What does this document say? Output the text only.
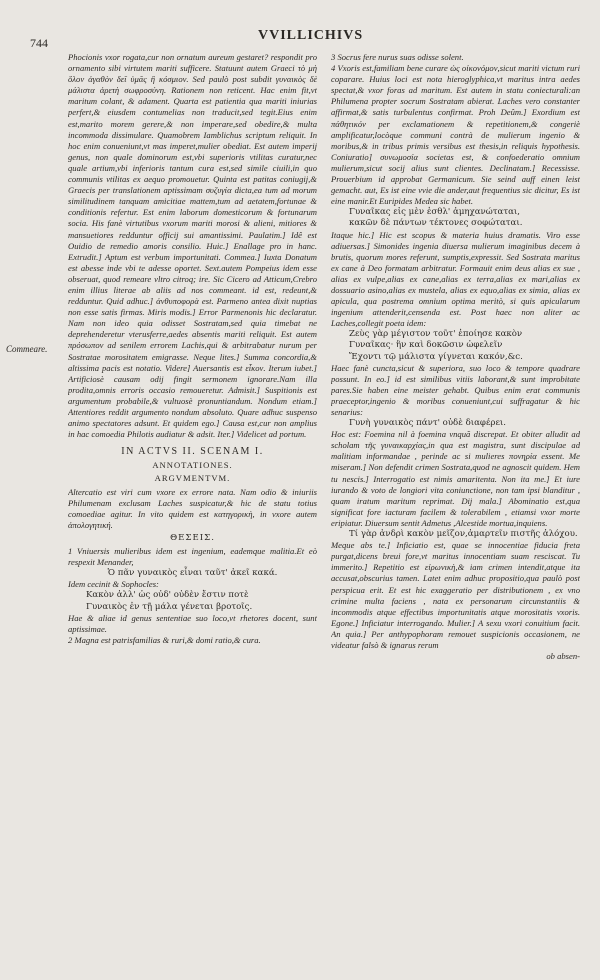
744	VVILLICHIVS
Commeare.

Phocionis vxor rogata,cur non ornatum aureum gestaret? respondit pro ornamento sibi virtutem mariti sufficere. Statuunt autem Graeci τὸ μὴ ὅλον ἀγαθὸν δεῖ ὑμᾶς ἢ κόσμιον. Sed paulò post subdit γυναικὸς δὲ μάλιστα ἀρετὴ σωφροσύνη. Rationem non reticent. Hac enim fit,vt maritum colant, & adament. Quarta est patientia qua mariti iniurias perfert,& eiusdem contumelias non traducit,sed tegit.Eius enim est,marito morem gerere,& non imperare,sed obedire,& multa incommoda dissimulare. Quamobrem Iamblichus scriptum reliquit. In hoc enim conueniunt,vt mas imperet,mulier obediat. Est autem imperij genus, non quale dominorum est,vbi superioris vtilitas curatur,nec quale artium,vbi inferioris tantum cura est,sed simile ciuili,in quo communis vtilitas ex aequo promouetur. Quinta est patitas coniugij,& Graecis per translationem aptissimam συζυγία dicta,ea tum ad morum similitudinem tanquam amicitiae mattem,tum ad aetatem,fortunae & conditionis refertur. Est enim laborum domesticorum & fortunarum socia. His fanè virtutibus vxorum mariti morosi & alieni, mitiores & mansuetiores redduntur officij sui amantissimi. Paulatim.] Idê est Ouidio de remedio amoris consilio. Huic.] Enallage pro in hanc. Extrudit.] Aptum est verbum importunitati. Commea.] Iuxta Donatum est abesse inde vbi te adesse oportet. Sext.autem Pompeius idem esse obseruat, quod remeare vltro citroq; ire. Sic Cicero ad Atticum,Crebro enim illius literae ab aliis ad nos commeant. id est, redeunt,& redduntur. Quid adhuc.] ἀνθυποφορὰ est. Parmeno antea dixit nuptias non esse satis firmas. Miris modis.] Error Parmenonis hic declaratur. Nam non ideo quia odisset Sostratam,sed quia timebat ne deprehenderetur vterusferre,aedes absentis mariti reliquit. Est autem πρόσωπον ad senilem errorem Lachis,qui & arbitrabatur nurum per Sostratae morositatem emigrasse. Neque lites.] Summa concordia,& altissima pacis est notatio. Videre] Auersantis est εἶκον. Iterum iubet.] Artificiosè causam odij fingit sermonem ignorare.Nam illa prodita,omnis erroris occasio remoueretur. Admisit.] Suspitionis est argumentum probabile,& vultuosè pronuntiandum. Nondum etiam.] Attentiores reddit argumento nondum absoluto. Quare adhuc suspenso animo spectatores adsunt. Et quidem ego.] Causa est,cur non amplius in hac comoedia Philotis audiatur & adsit. Iter.] Videlicet ad portum.

IN ACTVS II. SCENAM I.
ANNOTATIONES.
ARGVMENTVM.

Altercatio est viri cum vxore ex errore nata. Nam odio & iniuriis Philumenam exclusam Laches suspicatur,& hic de statu totius comoediae agitur. In vito quidem est κατηγορικὴ, in vxore autem ἀπολογητική.

ΘΕΣΕΙΣ.

1 Vniuersis mulieribus idem est ingenium, eademque malitia.Et eò respexit Menander,

Ὁ πᾶν γυναικὸς εἶναι ταῦτ' ἀκεῖ κακά.

Idem cecinit & Sophocles:

Κακὸν ἀλλ' ὡς οὐδ' οὐδὲν ἔστιν ποτὲ

Γυναικὸς ἐν τῇ μάλα γένεται βροτοῖς.

Hae & aliae id genus sententiae suo loco,vt rhetores docent, sunt aptissimae.

2 Magna est patrisfamilias & ruri,& domi ratio,& cura.

3 Socrus fere nurus suas odisse solent.

4 Vxoris est,familiam bene curare ὡς οἰκονόμον,sicut mariti victum ruri coparare. Huius loci est nota hieroglyphica,vt maritus intra aedes spectat,& vxor foras ad maritum. Est autem in statu coniecturali:an Philumena propter socrum Sostratam abierat. Laches vero constanter affirmat,& satis turbulentus confirmat. Proh Deûm.] Exordium est πάθητικόν per exclamationem & repetitionem,& congeriè amplificatur,locòque communi contrà de mulierum ingenio & moribus,& in tribus primis versibus est thesis,in reliquis hypothesis. Coniuratio] συνωμοσία societas est, & confoederatio omnium mulierum,sicut socij alius sunt clientes. Declinatam.] Recessisse. Prouerbium id approbat Germanicum. Sie seind auff einen leist gemacht. aut, Es ist eine vvie die ander,aut frequentius sic dicitur, Es ist eine manir.Et Euripides Medea sic habet.

Γυναῖκας εἰς μὲν ἐσθλ' ἀμηχανώταται,

κακῶν δὲ πάντων τέκτονες σοφώταται.

Itaque hic.] Hic est scopus & materia huius dramatis. Viro esse adiuersas.] Simonides ingenia diuersa mulierum imaginibus decem à brutis, quorum mores referunt, sumptis,expressit. Sed Sostrata maritus ex cane à Deo formatam arbitratur. Formauit enim deus alias ex sue , alias ex vulpe,alias ex cane,alias ex terra,alias ex mari,alias ex dossuario asino,alias ex mustela, alias ex equo,alias ex simia, alias ex apicula, qua postrema omnium optima meritò, si quis apicularum ingenium attenderit,censenda est. Post haec non aliter ac Laches,collegit poeta idem:

Ζεὺς γὰρ μέγιστον τοῦτ' ἐποίησε κακὸν

Γυναῖκας· ἢν καὶ δοκῶσιν ὠφελεῖν

Ἔχοντι τῷ μάλιστα γίγνεται κακόν,&c.

Haec fanè cuncta,sicut & superiora, suo loco & tempore quadrare possunt. In eo.] id est similibus vitiis laborant,& sunt improbitate pares.Sie haben eine meister gehabt. Quibus enim erat communis praeceptor,ingenio & moribus conueniunt,cui suffragatur & hic senarius:

Γυνὴ γυναικὸς πάντ' οὐδὲ διαφέρει.

Hoc est: Foemina nil à foemina vnquã discrepat. Et obiter alludit ad scholam τῆς γυναικαρχίας,in qua est magistra, sunt discipulae ad malitiam informandae , perinde ac si mulieres πονηρία essent. Me miseram.] Non defendit crimen Sostrata,quod ne agnoscit quidem. Hem tu nescis.] Interrogatio est nimis amaritenta. Non ita me.] Et iure iurando & voto de longiori vita coniunctione, non tam ipsi blanditur , quam iratum maritum reprimat. Dij mala.] Abominatio est,qua significat fore iacturam facilem & tolerabilem , etiamsi vxor morte eripiatur. Diuersum sentit Admetus ,Alcestide mortua,inquiens.

Τί γὰρ ἀνδρὶ κακὸν μεῖζον,ἀμαρτεῖν πιστῆς ἀλόχου.

Meque abs te.] Inficiatio est, quae se innocentiae fiducia freta purgat,dicens breui fore,vt maritus innocentiam suam resciscat. Tu immerito.] Repetitio est εἰρωνικὴ,& iam crimen intendit,atque ita accusat,obscurius tamen. Latet enim adhuc propositio,qua paulò post perspicua erit. Et est hic exaggeratio per distributionem , ex vno crimine multa faciens , nata ex personarum circunstantiis & incommodis atque effectibus importunitatis atque morositatis vxoris. Egone.] Inficiatur interrogando. Mulier.] A sexu vxori conuitium facit. An quia.] Per anthypophoram remouet suspicionis occasionem, ne videatur falsò & ignarus rerum

ob absen-
